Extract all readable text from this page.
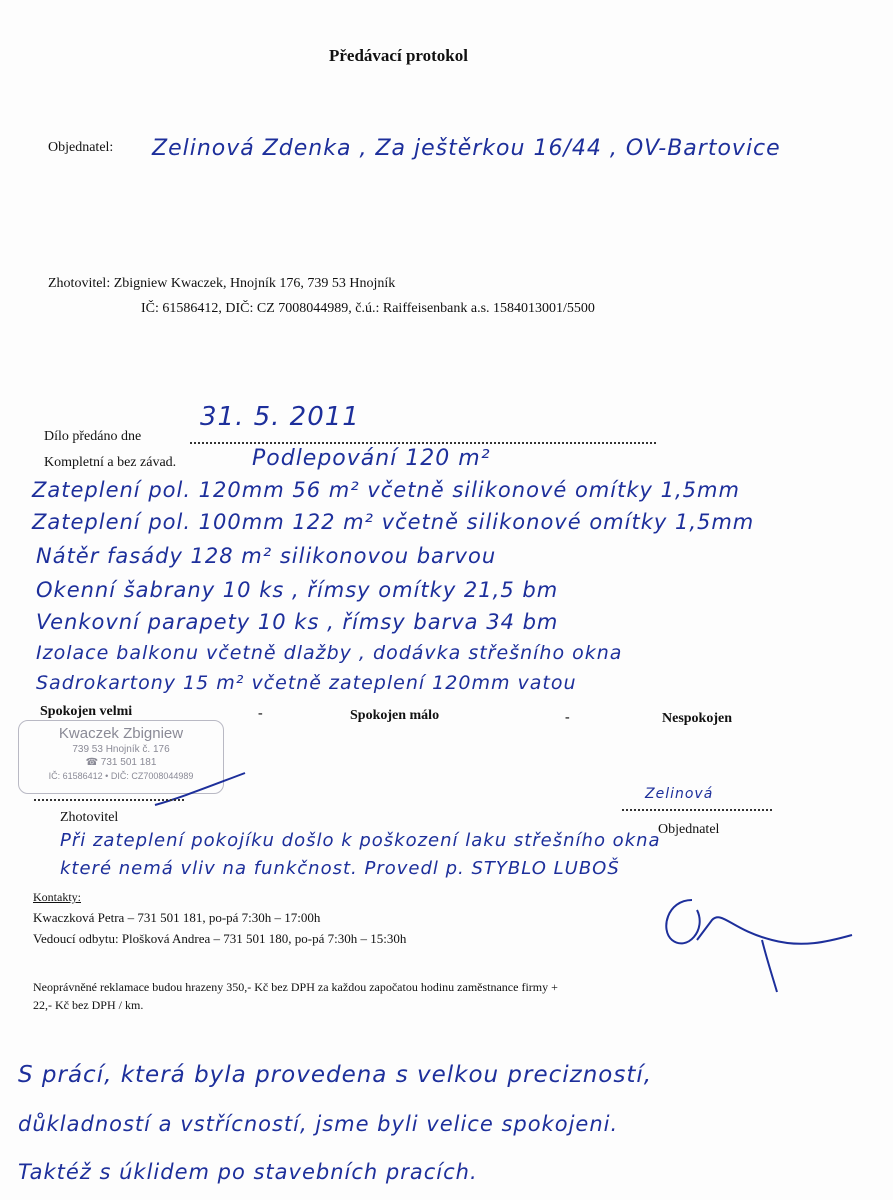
Předávací protokol
Objednatel: Zelinová Zdenka , Za ještěrkou 16/44 , OV-Bartovice
Zhotovitel: Zbigniew Kwaczek, Hnojník 176, 739 53 Hnojník
IČ: 61586412, DIČ: CZ 7008044989, č.ú.: Raiffeisenbank a.s. 1584013001/5500
Dílo předáno dne
31. 5. 2011
Kompletní a bez závad.	Podlepování 120 m²
Zateplení pol. 120mm 56 m² včetně silikonové omítky 1,5mm
Zateplení pol. 100mm 122 m² včetně silikonové omítky 1,5mm
Nátěr fasády 128 m² silikonovou barvou
Okenní šabrany 10 ks , římsy omítky 21,5 bm
Venkovní parapety 10 ks , římsy barva 34 bm
Izolace balkonu včetně dlažby , dodávka střešního okna
Sadrokartony 15 m² včetně zateplení 120mm vatou
Spokojen velmi	-	Spokojen málo	-	Nespokojen
Kwaczek Zbigniew
739 53 Hnojník č. 176
☎ 731 501 181
IČ: 61586412 • DIČ: CZ7008044989
Zhotovitel
Zelinová
Objednatel
Při zateplení pokojíku došlo k poškození laku střešního okna
které nemá vliv na funkčnost. Provedl p. STYBLO LUBOŠ
Kontakty:
Kwaczková Petra – 731 501 181, po-pá 7:30h – 17:00h
Vedoucí odbytu: Plošková Andrea – 731 501 180, po-pá 7:30h – 15:30h
Neoprávněné reklamace budou hrazeny 350,- Kč bez DPH za každou započatou hodinu zaměstnance firmy +
22,- Kč bez DPH / km.
S prácí, která byla provedena s velkou precizností,
důkladností a vstřícností, jsme byli velice spokojeni.
Taktéž s úklidem po stavebních pracích.
